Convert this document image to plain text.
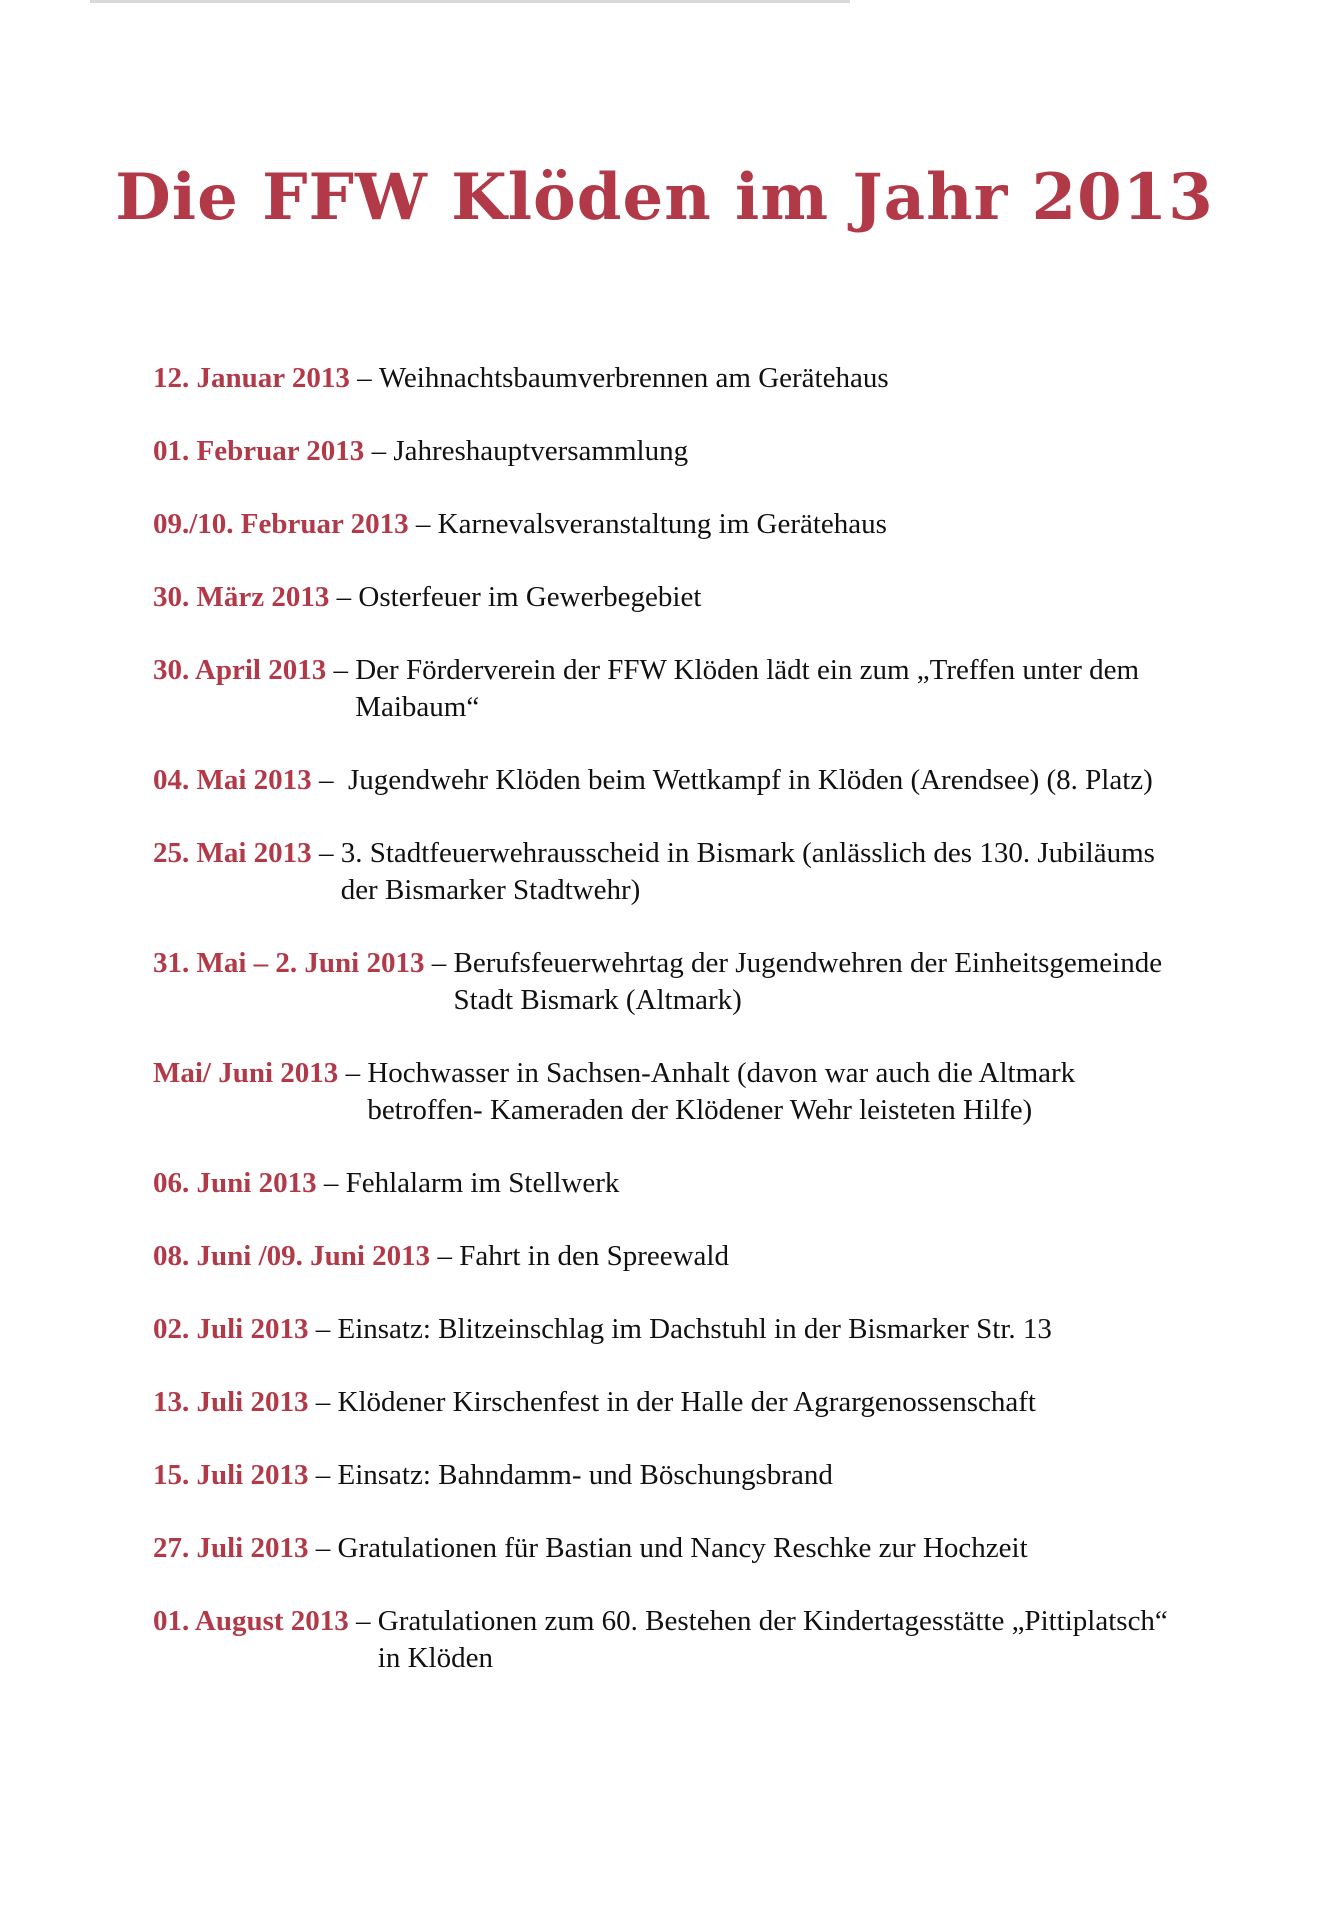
Die FFW Klöden im Jahr 2013
12. Januar 2013 – Weihnachtsbaumverbrennen am Gerätehaus
01. Februar 2013 – Jahreshauptversammlung
09./10. Februar 2013 – Karnevalsveranstaltung im Gerätehaus
30. März 2013 – Osterfeuer im Gewerbegebiet
30. April 2013 – Der Förderverein der FFW Klöden lädt ein zum „Treffen unter dem Maibaum“
04. Mai 2013 – Jugendwehr Klöden beim Wettkampf in Klöden (Arendsee) (8. Platz)
25. Mai 2013 – 3. Stadtfeuerwehrausscheid in Bismark (anlässlich des 130. Jubiläums der Bismarker Stadtwehr)
31. Mai – 2. Juni 2013 – Berufsfeuerwehrtag der Jugendwehren der Einheitsgemeinde Stadt Bismark (Altmark)
Mai/ Juni 2013 – Hochwasser in Sachsen-Anhalt (davon war auch die Altmark betroffen- Kameraden der Klödener Wehr leisteten Hilfe)
06. Juni 2013 – Fehlalarm im Stellwerk
08. Juni /09. Juni 2013 – Fahrt in den Spreewald
02. Juli 2013 – Einsatz: Blitzeinschlag im Dachstuhl in der Bismarker Str. 13
13. Juli 2013 – Klödener Kirschenfest in der Halle der Agrargenossenschaft
15. Juli 2013 – Einsatz: Bahndamm- und Böschungsbrand
27. Juli 2013 – Gratulationen für Bastian und Nancy Reschke zur Hochzeit
01. August 2013 – Gratulationen zum 60. Bestehen der Kindertagesstätte „Pittiplatsch“ in Klöden
